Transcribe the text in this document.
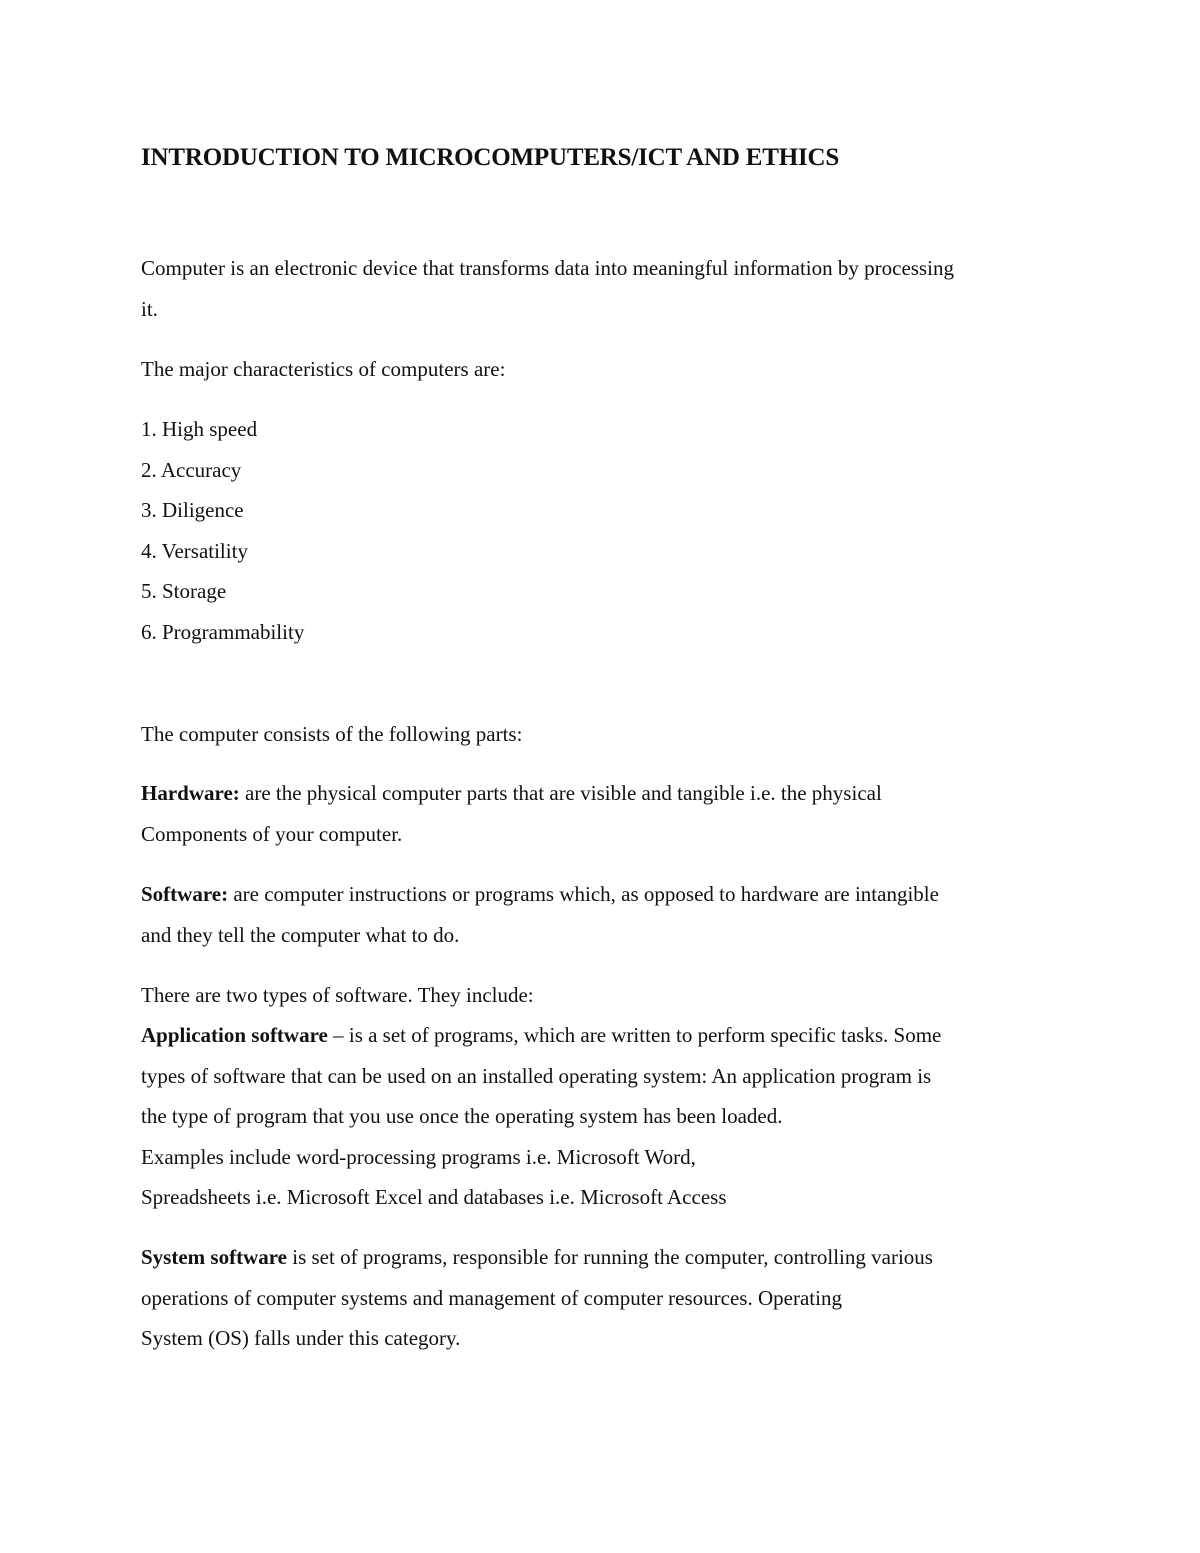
INTRODUCTION TO MICROCOMPUTERS/ICT AND ETHICS
Computer is an electronic device that transforms data into meaningful information by processing
it.
The major characteristics of computers are:
1. High speed
2. Accuracy
3. Diligence
4. Versatility
5. Storage
6. Programmability
The computer consists of the following parts:
Hardware: are the physical computer parts that are visible and tangible i.e. the physical
Components of your computer.
Software: are computer instructions or programs which, as opposed to hardware are intangible
and they tell the computer what to do.
There are two types of software. They include:
Application software – is a set of programs, which are written to perform specific tasks. Some
types of software that can be used on an installed operating system: An application program is
the type of program that you use once the operating system has been loaded.
Examples include word-processing programs i.e. Microsoft Word,
Spreadsheets i.e. Microsoft Excel and databases i.e. Microsoft Access
System software is set of programs, responsible for running the computer, controlling various
operations of computer systems and management of computer resources. Operating
System (OS) falls under this category.
